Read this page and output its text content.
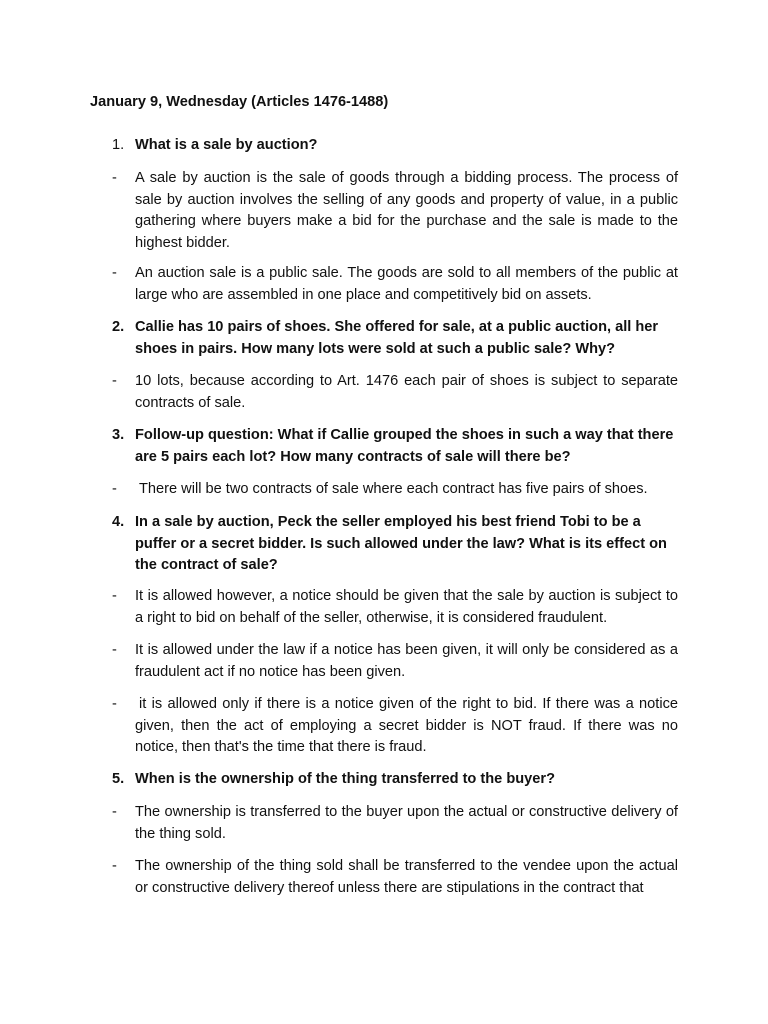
January 9, Wednesday (Articles 1476-1488)
1. What is a sale by auction?
- A sale by auction is the sale of goods through a bidding process. The process of sale by auction involves the selling of any goods and property of value, in a public gathering where buyers make a bid for the purchase and the sale is made to the highest bidder.
- An auction sale is a public sale. The goods are sold to all members of the public at large who are assembled in one place and competitively bid on assets.
2. Callie has 10 pairs of shoes. She offered for sale, at a public auction, all her shoes in pairs. How many lots were sold at such a public sale? Why?
- 10 lots, because according to Art. 1476 each pair of shoes is subject to separate contracts of sale.
3. Follow-up question: What if Callie grouped the shoes in such a way that there are 5 pairs each lot? How many contracts of sale will there be?
- There will be two contracts of sale where each contract has five pairs of shoes.
4. In a sale by auction, Peck the seller employed his best friend Tobi to be a puffer or a secret bidder. Is such allowed under the law? What is its effect on the contract of sale?
- It is allowed however, a notice should be given that the sale by auction is subject to a right to bid on behalf of the seller, otherwise, it is considered fraudulent.
- It is allowed under the law if a notice has been given, it will only be considered as a fraudulent act if no notice has been given.
- it is allowed only if there is a notice given of the right to bid. If there was a notice given, then the act of employing a secret bidder is NOT fraud. If there was no notice, then that's the time that there is fraud.
5. When is the ownership of the thing transferred to the buyer?
- The ownership is transferred to the buyer upon the actual or constructive delivery of the thing sold.
- The ownership of the thing sold shall be transferred to the vendee upon the actual or constructive delivery thereof unless there are stipulations in the contract that
